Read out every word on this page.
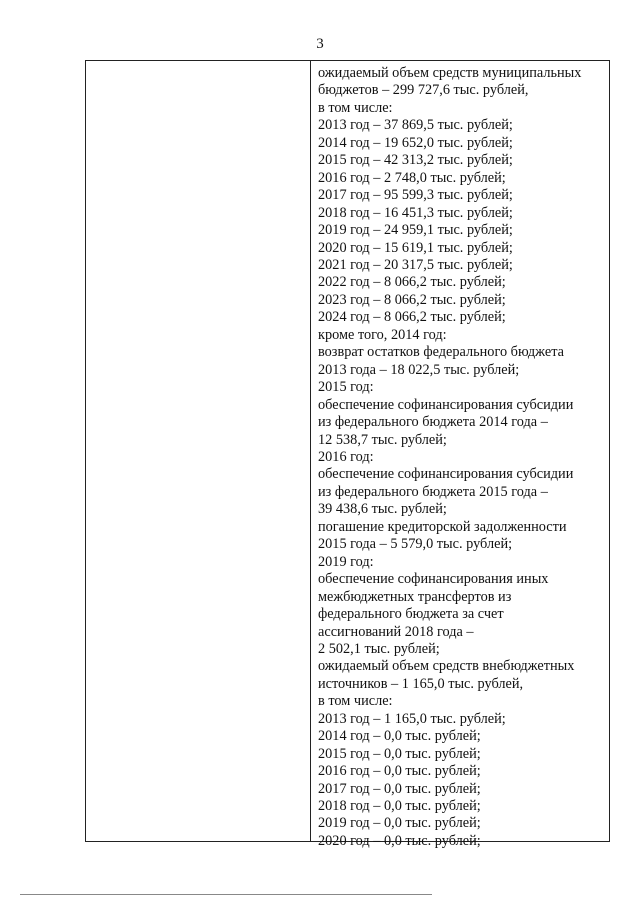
3
ожидаемый объем средств муниципальных
бюджетов – 299 727,6 тыс. рублей,
в том числе:
2013 год – 37 869,5 тыс. рублей;
2014 год – 19 652,0 тыс. рублей;
2015 год – 42 313,2 тыс. рублей;
2016 год – 2 748,0 тыс. рублей;
2017 год – 95 599,3 тыс. рублей;
2018 год – 16 451,3 тыс. рублей;
2019 год – 24 959,1 тыс. рублей;
2020 год – 15 619,1 тыс. рублей;
2021 год – 20 317,5 тыс. рублей;
2022 год – 8 066,2 тыс. рублей;
2023 год – 8 066,2 тыс. рублей;
2024 год – 8 066,2 тыс. рублей;
кроме того, 2014 год:
возврат остатков федерального бюджета
2013 года – 18 022,5 тыс. рублей;
2015 год:
обеспечение софинансирования субсидии
из федерального бюджета 2014 года –
12 538,7 тыс. рублей;
2016 год:
обеспечение софинансирования субсидии
из федерального бюджета 2015 года –
39 438,6 тыс. рублей;
погашение кредиторской задолженности
2015 года – 5 579,0 тыс. рублей;
2019 год:
обеспечение софинансирования иных
межбюджетных трансфертов из
федерального бюджета за счет
ассигнований 2018 года –
2 502,1 тыс. рублей;
ожидаемый объем средств внебюджетных
источников – 1 165,0 тыс. рублей,
в том числе:
2013 год – 1 165,0 тыс. рублей;
2014 год – 0,0 тыс. рублей;
2015 год – 0,0 тыс. рублей;
2016 год – 0,0 тыс. рублей;
2017 год – 0,0 тыс. рублей;
2018 год – 0,0 тыс. рублей;
2019 год – 0,0 тыс. рублей;
2020 год – 0,0 тыс. рублей;
